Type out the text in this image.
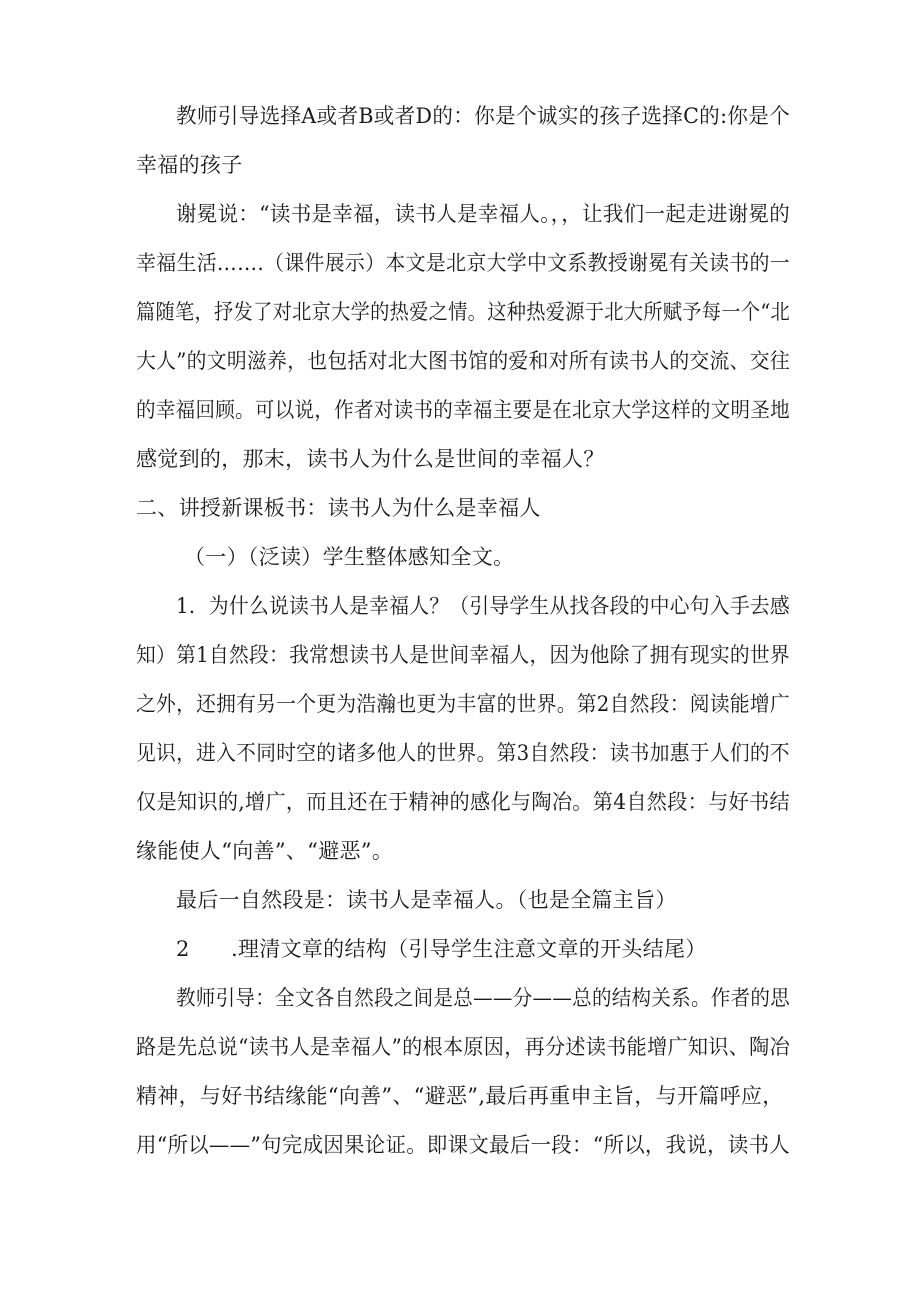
教师引导选择A或者B或者D的：你是个诚实的孩子选择C的:你是个
幸福的孩子
谢冕说：“读书是幸福，读书人是幸福人。，，让我们一起走进谢冕的
幸福生活…….（课件展示）本文是北京大学中文系教授谢冕有关读书的一
篇随笔，抒发了对北京大学的热爱之情。这种热爱源于北大所赋予每一个“北
大人”的文明滋养，也包括对北大图书馆的爱和对所有读书人的交流、交往
的幸福回顾。可以说，作者对读书的幸福主要是在北京大学这样的文明圣地
感觉到的，那末，读书人为什么是世间的幸福人？
二、讲授新课板书：读书人为什么是幸福人
（一）（泛读）学生整体感知全文。
1．为什么说读书人是幸福人？（引导学生从找各段的中心句入手去感
知）第1自然段：我常想读书人是世间幸福人，因为他除了拥有现实的世界
之外，还拥有另一个更为浩瀚也更为丰富的世界。第2自然段：阅读能增广
见识，进入不同时空的诸多他人的世界。第3自然段：读书加惠于人们的不
仅是知识的,增广，而且还在于精神的感化与陶冶。第4自然段：与好书结
缘能使人“向善”、“避恶”。
最后一自然段是：读书人是幸福人。（也是全篇主旨）
2	.理清文章的结构（引导学生注意文章的开头结尾）
教师引导：全文各自然段之间是总——分——总的结构关系。作者的思
路是先总说“读书人是幸福人”的根本原因，再分述读书能增广知识、陶冶
精神，与好书结缘能“向善”、“避恶”,最后再重申主旨，与开篇呼应，
用“所以——”句完成因果论证。即课文最后一段：“所以，我说，读书人
